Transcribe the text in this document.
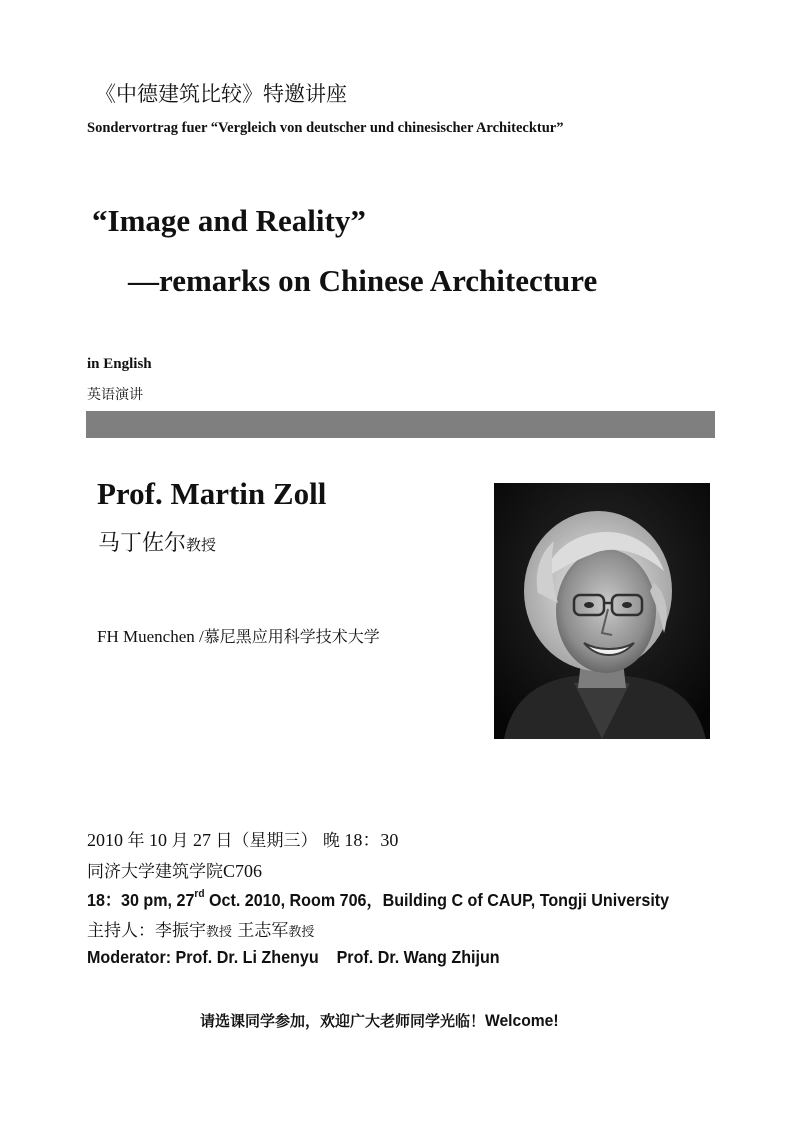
《中德建筑比较》特邀讲座
Sondervortrag fuer “Vergleich von deutscher und chinesischer Architecktur”
“Image and Reality”
—remarks on Chinese Architecture
in English
英语演讲
Prof. Martin Zoll
马丁佐尔教授
FH Muenchen /慕尼黑应用科学技术大学
2010 年 10 月 27 日（星期三） 晚 18：30
同济大学建筑学院C706
18：30 pm, 27rd Oct. 2010, Room 706，Building C of CAUP, Tongji University
主持人：李振宇教授 王志军教授
Moderator: Prof. Dr. Li Zhenyu    Prof. Dr. Wang Zhijun
请选课同学参加，欢迎广大老师同学光临！Welcome!
